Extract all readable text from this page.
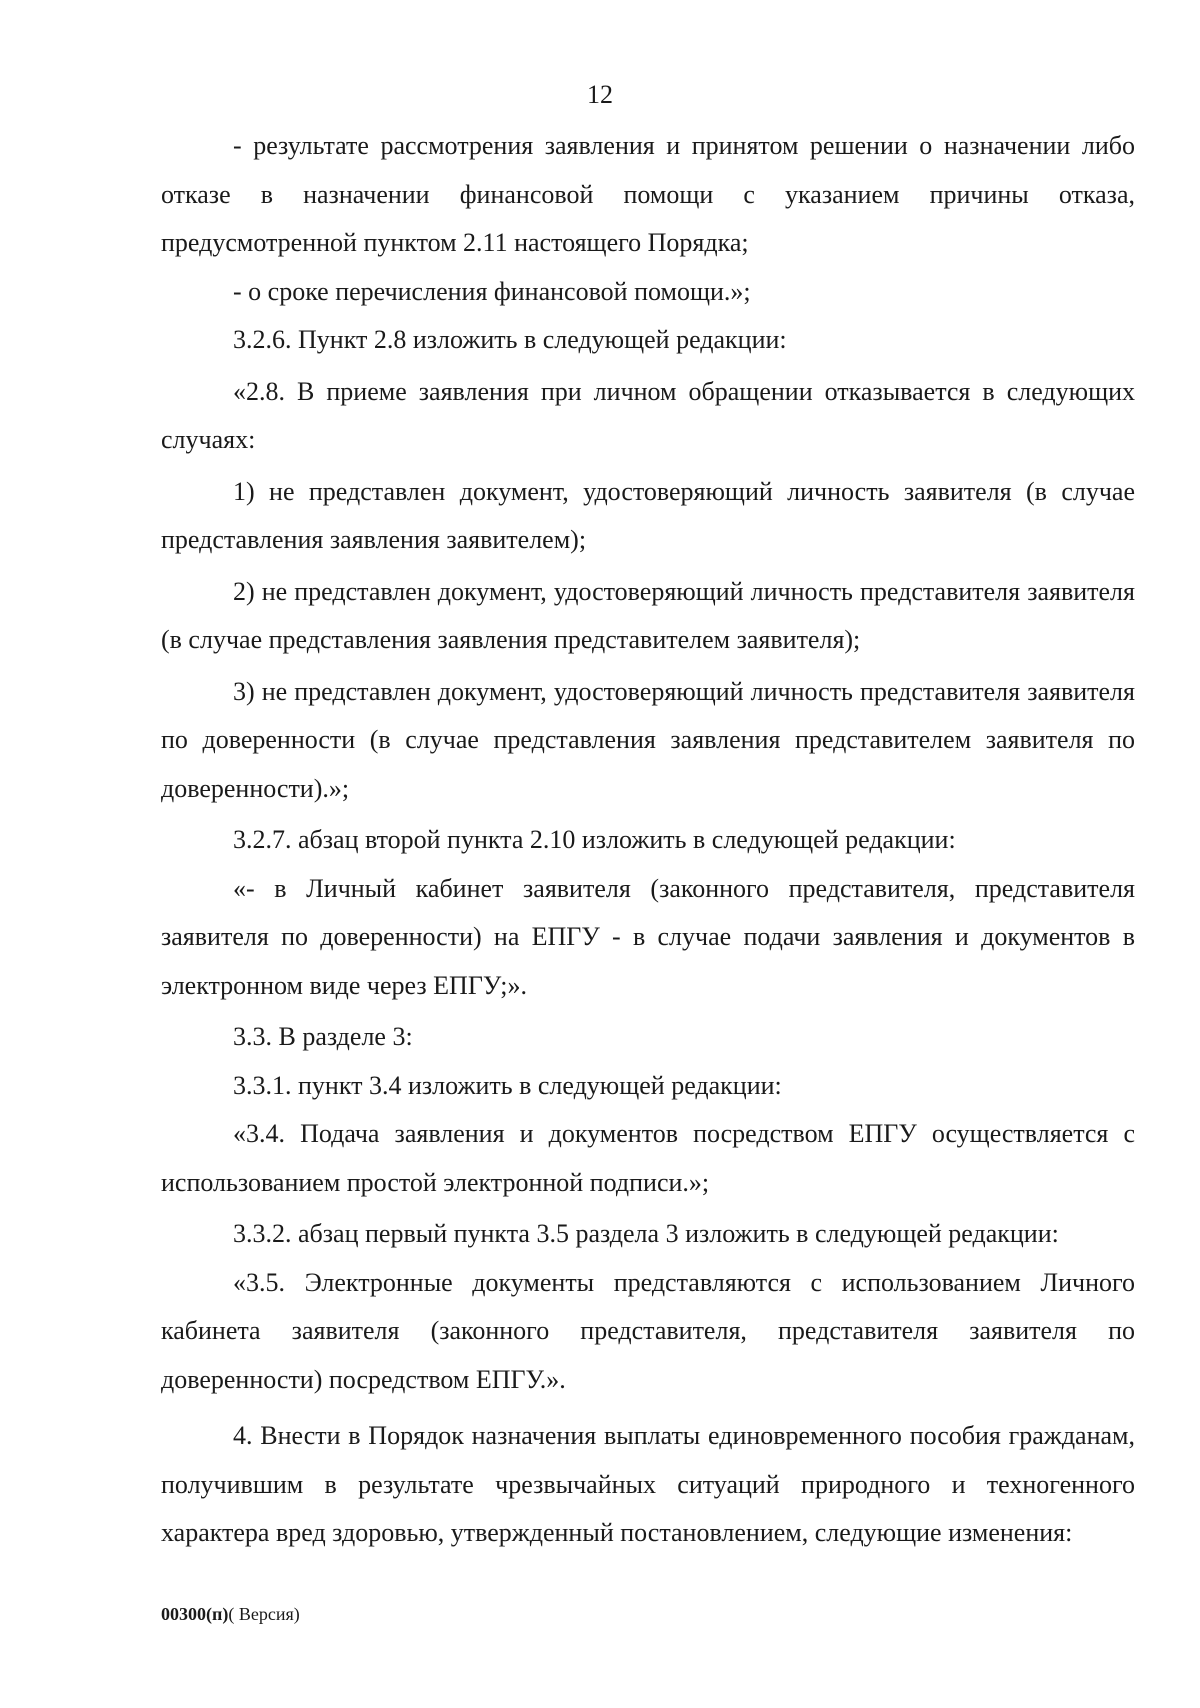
12

- результате рассмотрения заявления и принятом решении о назначении либо отказе в назначении финансовой помощи с указанием причины отказа, предусмотренной пунктом 2.11 настоящего Порядка;

- о сроке перечисления финансовой помощи.»;

3.2.6. Пункт 2.8 изложить в следующей редакции:

«2.8. В приеме заявления при личном обращении отказывается в следующих случаях:

1) не представлен документ, удостоверяющий личность заявителя (в случае представления заявления заявителем);

2) не представлен документ, удостоверяющий личность представителя заявителя (в случае представления заявления представителем заявителя);

3) не представлен документ, удостоверяющий личность представителя заявителя по доверенности (в случае представления заявления представителем заявителя по доверенности).»;

3.2.7. абзац второй пункта 2.10 изложить в следующей редакции:

«- в Личный кабинет заявителя (законного представителя, представителя заявителя по доверенности) на ЕПГУ - в случае подачи заявления и документов в электронном виде через ЕПГУ;».

3.3. В разделе 3:

3.3.1. пункт 3.4 изложить в следующей редакции:

«3.4. Подача заявления и документов посредством ЕПГУ осуществляется с использованием простой электронной подписи.»;

3.3.2. абзац первый пункта 3.5 раздела 3 изложить в следующей редакции:

«3.5. Электронные документы представляются с использованием Личного кабинета заявителя (законного представителя, представителя заявителя по доверенности) посредством ЕПГУ.».

4. Внести в Порядок назначения выплаты единовременного пособия гражданам, получившим в результате чрезвычайных ситуаций природного и техногенного характера вред здоровью, утвержденный постановлением, следующие изменения:

00300(п)( Версия)
